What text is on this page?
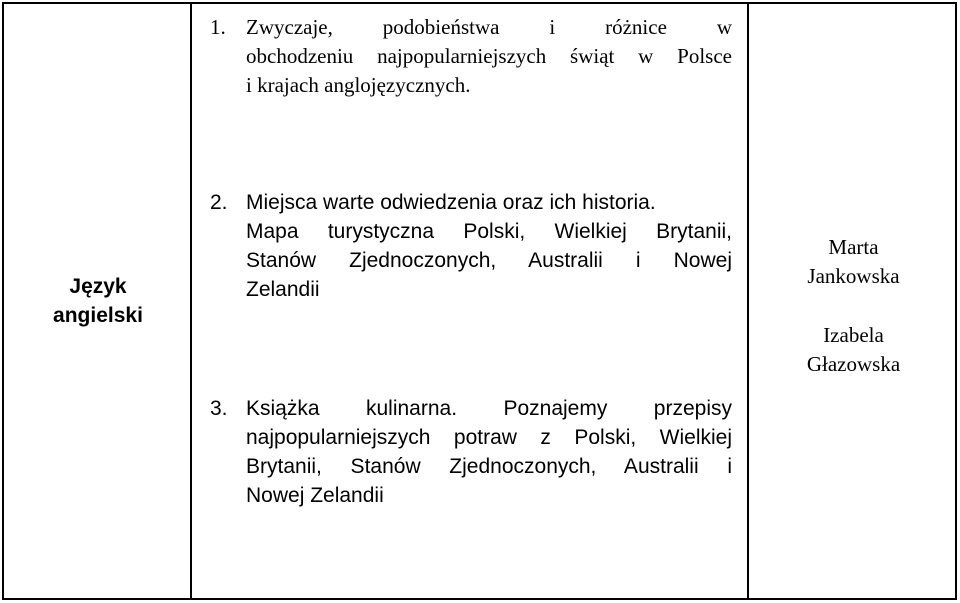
Język
angielski
1. Zwyczaje, podobieństwa i różnice w
obchodzeniu najpopularniejszych świąt w Polsce
i krajach anglojęzycznych.
2. Miejsca warte odwiedzenia oraz ich historia.
Mapa turystyczna Polski, Wielkiej Brytanii,
Stanów Zjednoczonych, Australii i Nowej
Zelandii
3. Książka kulinarna. Poznajemy przepisy
najpopularniejszych potraw z Polski, Wielkiej
Brytanii, Stanów Zjednoczonych, Australii i
Nowej Zelandii
Marta
Jankowska
Izabela
Głazowska
